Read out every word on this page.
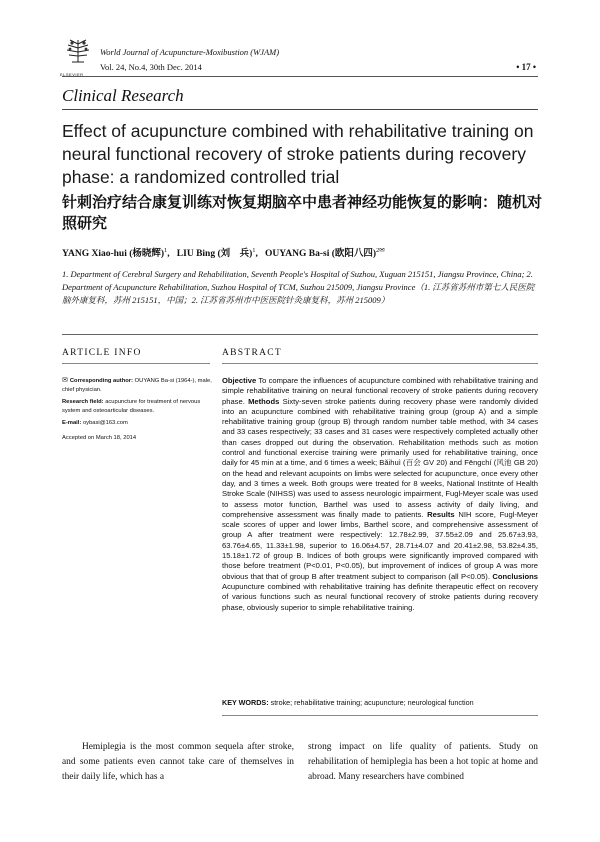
ELSEVIER
World Journal of Acupuncture-Moxibustion (WJAM)
Vol. 24, No.4, 30th Dec. 2014	• 17 •
Clinical Research
Effect of acupuncture combined with rehabilitative training on neural functional recovery of stroke patients during recovery phase: a randomized controlled trial
针刺治疗结合康复训练对恢复期脑卒中患者神经功能恢复的影响：随机对照研究
YANG Xiao-hui (杨晓辉)$^1$,   LIU Bing (刘　兵)$^1$,   OUYANG Ba-si (欧阳八四)$^{2✉}$
1. Department of Cerebral Surgery and Rehabilitation, Seventh People's Hospital of Suzhou, Xuguan 215151, Jiangsu Province, China; 2. Department of Acupuncture Rehabilitation, Suzhou Hospital of TCM, Suzhou 215009, Jiangsu Province（1. 江苏省苏州市第七人民医院脑外康复科，苏州 215151，中国；2. 江苏省苏州市中医医院针灸康复科，苏州 215009）
ARTICLE INFO	ABSTRACT

✉ Corresponding author: OUYANG Ba-si (1964-), male, chief physician.

Research field: acupuncture for treatment of nervous system and osteoarticular diseases.

E-mail: oybasi@163.com

Accepted on March 18, 2014

Objective To compare the influences of acupuncture combined with rehabilitative training and simple rehabilitative training on neural functional recovery of stroke patients during recovery phase. Methods Sixty-seven stroke patients during recovery phase were randomly divided into an acupuncture combined with rehabilitative training group (group A) and a simple rehabilitative training group (group B) through random number table method, with 34 cases and 33 cases respectively; 33 cases and 31 cases were respectively completed actually other than cases dropped out during the observation. Rehabilitation methods such as motion control and functional exercise training were primarily used for rehabilitative training, once daily for 45 min at a time, and 6 times a week; Bǎihuì (百会 GV 20) and Fēngchí (风池 GB 20) on the head and relevant acupoints on limbs were selected for acupuncture, once every other day, and 3 times a week. Both groups were treated for 8 weeks, National Institnte of Health Stroke Scale (NIHSS) was used to assess neurologic impairment, Fugl-Meyer scale was used to assess motor function, Barthel was used to assess activity of daily living, and comprehensive assessment was finally made to patients. Results NIH score, Fugl-Meyer scale scores of upper and lower limbs, Barthel score, and comprehensive assessment of group A after treatment were respectively: 12.78±2.99, 37.55±2.09 and 25.67±3.93, 63.76±4.65, 11.33±1.98, superior to 16.06±4.57, 28.71±4.07 and 20.41±2.98, 53.82±4.35, 15.18±1.72 of group B. Indices of both groups were significantly improved compared with those before treatment (P<0.01, P<0.05), but improvement of indices of group A was more obvious that that of group B after treatment subject to comparison (all P<0.05). Conclusions Acupuncture combined with rehabilitative training has definite therapeutic effect on recovery of various functions such as neural functional recovery of stroke patients during recovery phase, obviously superior to simple rehabilitative training.
KEY WORDS: stroke; rehabilitative training; acupuncture; neurological function
Hemiplegia is the most common sequela after stroke, and some patients even cannot take care of themselves in their daily life, which has a
strong impact on life quality of patients. Study on rehabilitation of hemiplegia has been a hot topic at home and abroad. Many researchers have combined
